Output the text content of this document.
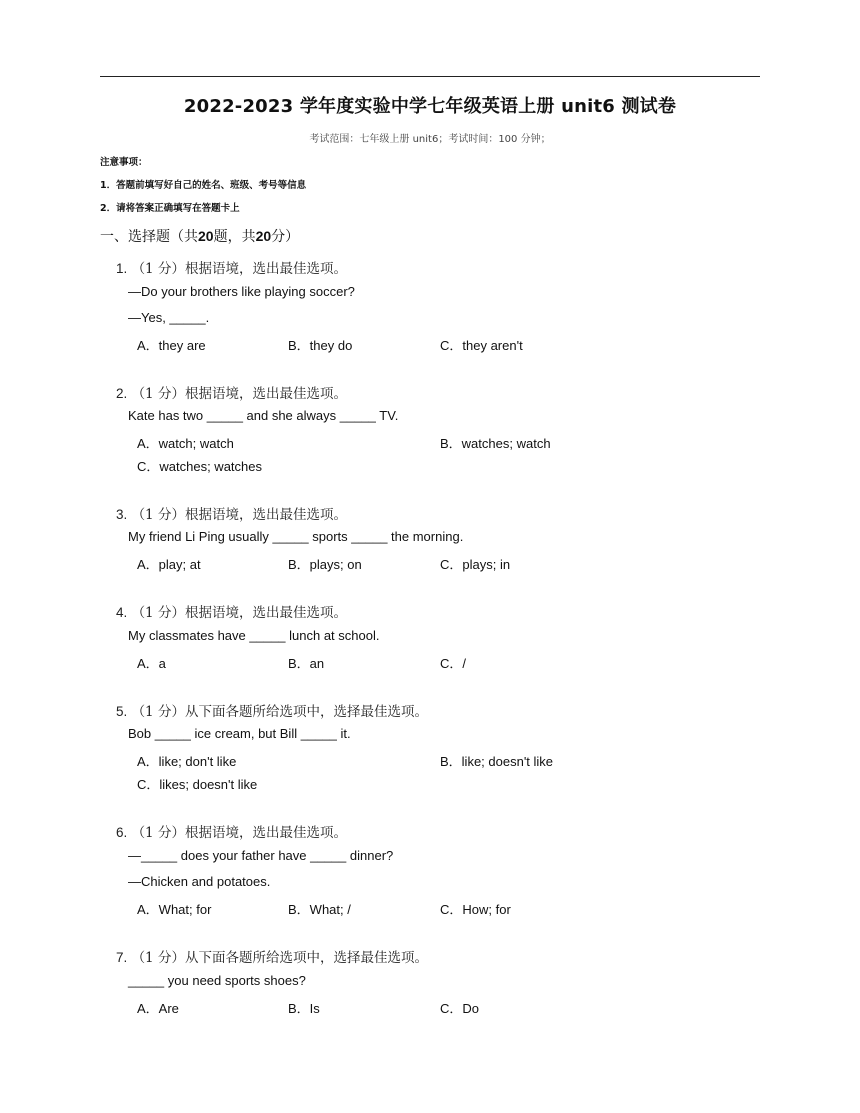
2022-2023 学年度实验中学七年级英语上册 unit6 测试卷
考试范围：七年级上册 unit6；考试时间：100 分钟；
注意事项：
1．答题前填写好自己的姓名、班级、考号等信息
2．请将答案正确填写在答题卡上
一、选择题（共20题，共20分）
1. （1 分）根据语境，选出最佳选项。
—Do your brothers like playing soccer?
—Yes, _____.
A．they are	B．they do	C．they aren't
2. （1 分）根据语境，选出最佳选项。
Kate has two _____ and she always _____ TV.
A．watch; watch	B．watches; watch
C．watches; watches
3. （1 分）根据语境，选出最佳选项。
My friend Li Ping usually _____ sports _____ the morning.
A．play; at	B．plays; on	C．plays; in
4. （1 分）根据语境，选出最佳选项。
My classmates have _____ lunch at school.
A．a	B．an	C．/
5. （1 分）从下面各题所给选项中，选择最佳选项。
Bob _____ ice cream, but Bill _____ it.
A．like; don't like	B．like; doesn't like
C．likes; doesn't like
6. （1 分）根据语境，选出最佳选项。
—_____ does your father have _____ dinner?
—Chicken and potatoes.
A．What; for	B．What; /	C．How; for
7. （1 分）从下面各题所给选项中，选择最佳选项。
_____ you need sports shoes?
A．Are	B．Is	C．Do
